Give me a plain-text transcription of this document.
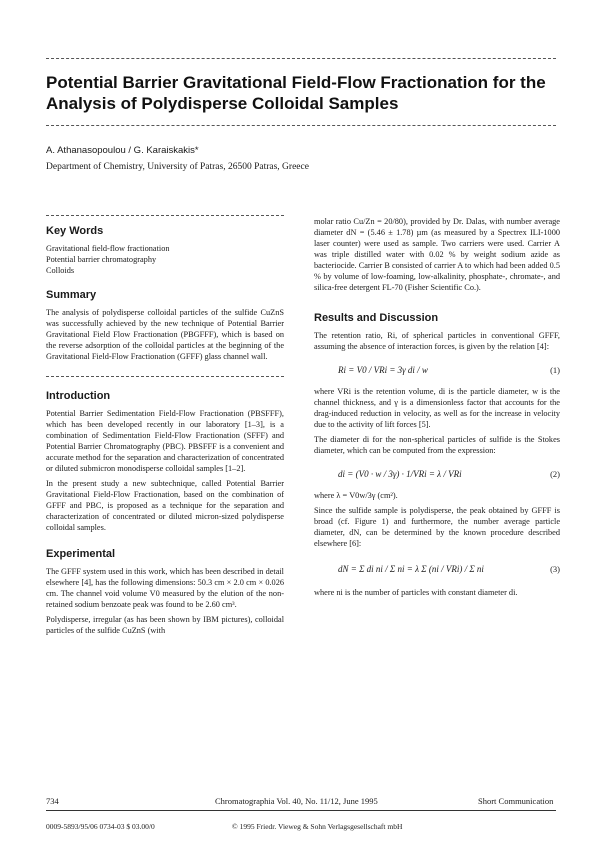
Potential Barrier Gravitational Field-Flow Fractionation for the Analysis of Polydisperse Colloidal Samples
A. Athanasopoulou / G. Karaiskakis*
Department of Chemistry, University of Patras, 26500 Patras, Greece
Key Words
Gravitational field-flow fractionation
Potential barrier chromatography
Colloids
Summary
The analysis of polydisperse colloidal particles of the sulfide CuZnS was successfully achieved by the new technique of Potential Barrier Gravitational Field Flow Fractionation (PBGFFF), which is based on the reverse adsorption of the colloidal particles at the beginning of the Gravitational Field-Flow Fractionation (GFFF) glass channel wall.
Introduction
Potential Barrier Sedimentation Field-Flow Fractionation (PBSFFF), which has been developed recently in our laboratory [1–3], is a combination of Sedimentation Field-Flow Fractionation (SFFF) and Potential Barrier Chromatography (PBC). PBSFFF is a convenient and accurate method for the separation and characterization of concentrated or diluted submicron monodisperse colloidal samples [1–2].
In the present study a new subtechnique, called Potential Barrier Gravitational Field-Flow Fractionation, based on the combination of GFFF and PBC, is proposed as a technique for the separation and characterization of concentrated or diluted micron-sized polydisperse colloidal samples.
Experimental
The GFFF system used in this work, which has been described in detail elsewhere [4], has the following dimensions: 50.3 cm × 2.0 cm × 0.026 cm. The channel void volume V0 measured by the elution of the non-retained sodium benzoate peak was found to be 2.60 cm³.
Polydisperse, irregular (as has been shown by IBM pictures), colloidal particles of the sulfide CuZnS (with
molar ratio Cu/Zn = 20/80), provided by Dr. Dalas, with number average diameter dN = (5.46 ± 1.78) µm (as measured by a Spectrex ILI-1000 laser counter) were used as sample. Two carriers were used. Carrier A was triple distilled water with 0.02 % by weight sodium azide as bacteriocide. Carrier B consisted of carrier A to which had been added 0.5 % by volume of low-foaming, low-alkalinity, phosphate-, chromate-, and silica-free detergent FL-70 (Fisher Scientific Co.).
Results and Discussion
The retention ratio, Ri, of spherical particles in conventional GFFF, assuming the absence of interaction forces, is given by the relation [4]:
Ri = V0 / VRi = 3γ di / w	(1)
where VRi is the retention volume, di is the particle diameter, w is the channel thickness, and γ is a dimensionless factor that accounts for the drag-induced reduction in velocity, as well as for the increase in velocity due to the activity of lift forces [5].
The diameter di for the non-spherical particles of sulfide is the Stokes diameter, which can be computed from the expression:
di = (V0 · w / 3γ) · 1/VRi = λ / VRi	(2)
where λ = V0w/3γ (cm²).
Since the sulfide sample is polydisperse, the peak obtained by GFFF is broad (cf. Figure 1) and furthermore, the number average particle diameter, dN, can be determined by the known procedure described elsewhere [6]:
dN = Σ di ni / Σ ni = λ Σ (ni / VRi) / Σ ni	(3)
where ni is the number of particles with constant diameter di.
734	Chromatographia Vol. 40, No. 11/12, June 1995	Short Communication
0009-5893/95/06 0734-03 $ 03.00/0	© 1995 Friedr. Vieweg & Sohn Verlagsgesellschaft mbH
